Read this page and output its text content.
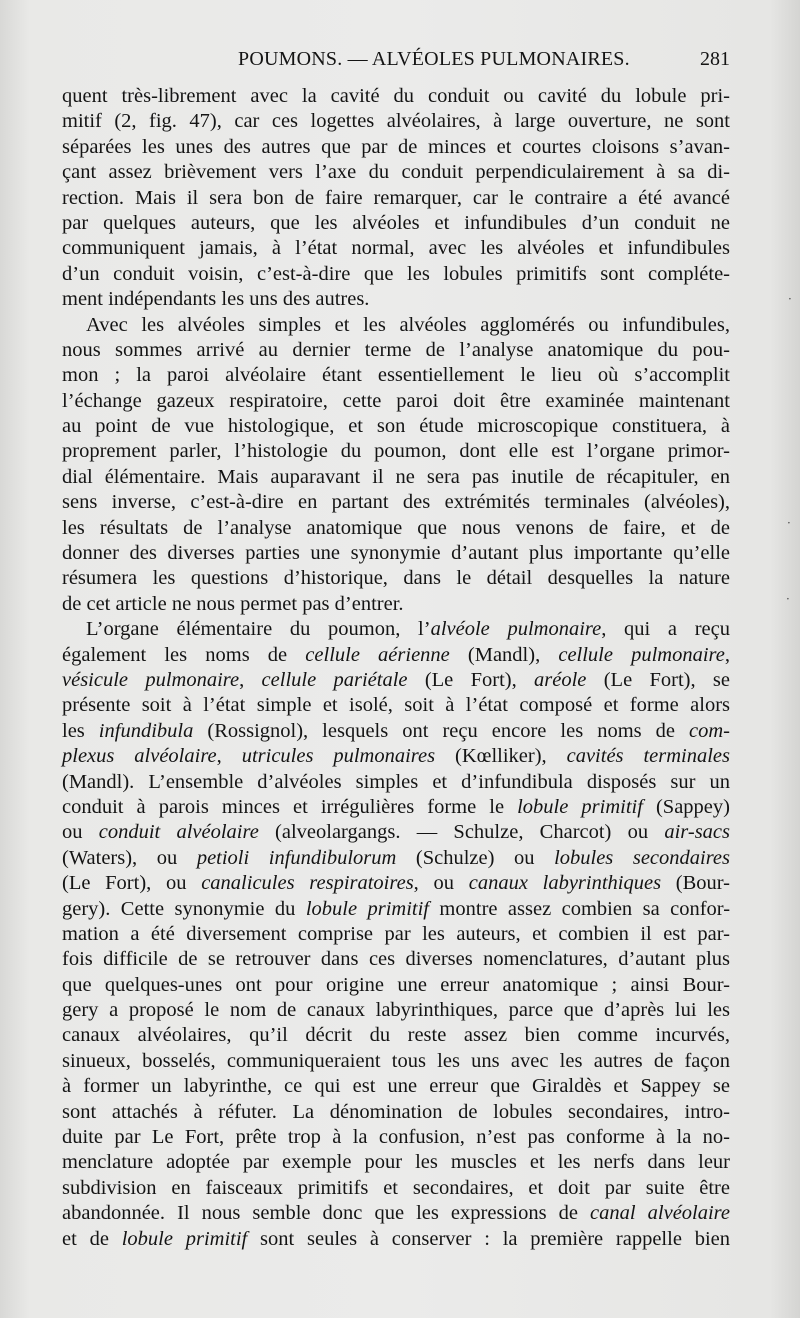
POUMONS. — ALVÉOLES PULMONAIRES.	281
quent très-librement avec la cavité du conduit ou cavité du lobule pri-
mitif (2, fig. 47), car ces logettes alvéolaires, à large ouverture, ne sont
séparées les unes des autres que par de minces et courtes cloisons s’avan-
çant assez brièvement vers l’axe du conduit perpendiculairement à sa di-
rection. Mais il sera bon de faire remarquer, car le contraire a été avancé
par quelques auteurs, que les alvéoles et infundibules d’un conduit ne
communiquent jamais, à l’état normal, avec les alvéoles et infundibules
d’un conduit voisin, c’est-à-dire que les lobules primitifs sont compléte-
ment indépendants les uns des autres.
Avec les alvéoles simples et les alvéoles agglomérés ou infundibules,
nous sommes arrivé au dernier terme de l’analyse anatomique du pou-
mon ; la paroi alvéolaire étant essentiellement le lieu où s’accomplit
l’échange gazeux respiratoire, cette paroi doit être examinée maintenant
au point de vue histologique, et son étude microscopique constituera, à
proprement parler, l’histologie du poumon, dont elle est l’organe primor-
dial élémentaire. Mais auparavant il ne sera pas inutile de récapituler, en
sens inverse, c’est-à-dire en partant des extrémités terminales (alvéoles),
les résultats de l’analyse anatomique que nous venons de faire, et de
donner des diverses parties une synonymie d’autant plus importante qu’elle
résumera les questions d’historique, dans le détail desquelles la nature
de cet article ne nous permet pas d’entrer.
L’organe élémentaire du poumon, l’alvéole pulmonaire, qui a reçu
également les noms de cellule aérienne (Mandl), cellule pulmonaire,
vésicule pulmonaire, cellule pariétale (Le Fort), aréole (Le Fort), se
présente soit à l’état simple et isolé, soit à l’état composé et forme alors
les infundibula (Rossignol), lesquels ont reçu encore les noms de com-
plexus alvéolaire, utricules pulmonaires (Kœlliker), cavités terminales
(Mandl). L’ensemble d’alvéoles simples et d’infundibula disposés sur un
conduit à parois minces et irrégulières forme le lobule primitif (Sappey)
ou conduit alvéolaire (alveolargangs. — Schulze, Charcot) ou air-sacs
(Waters), ou petioli infundibulorum (Schulze) ou lobules secondaires
(Le Fort), ou canalicules respiratoires, ou canaux labyrinthiques (Bour-
gery). Cette synonymie du lobule primitif montre assez combien sa confor-
mation a été diversement comprise par les auteurs, et combien il est par-
fois difficile de se retrouver dans ces diverses nomenclatures, d’autant plus
que quelques-unes ont pour origine une erreur anatomique ; ainsi Bour-
gery a proposé le nom de canaux labyrinthiques, parce que d’après lui les
canaux alvéolaires, qu’il décrit du reste assez bien comme incurvés,
sinueux, bosselés, communiqueraient tous les uns avec les autres de façon
à former un labyrinthe, ce qui est une erreur que Giraldès et Sappey se
sont attachés à réfuter. La dénomination de lobules secondaires, intro-
duite par Le Fort, prête trop à la confusion, n’est pas conforme à la no-
menclature adoptée par exemple pour les muscles et les nerfs dans leur
subdivision en faisceaux primitifs et secondaires, et doit par suite être
abandonnée. Il nous semble donc que les expressions de canal alvéolaire
et de lobule primitif sont seules à conserver : la première rappelle bien
·
·
·
